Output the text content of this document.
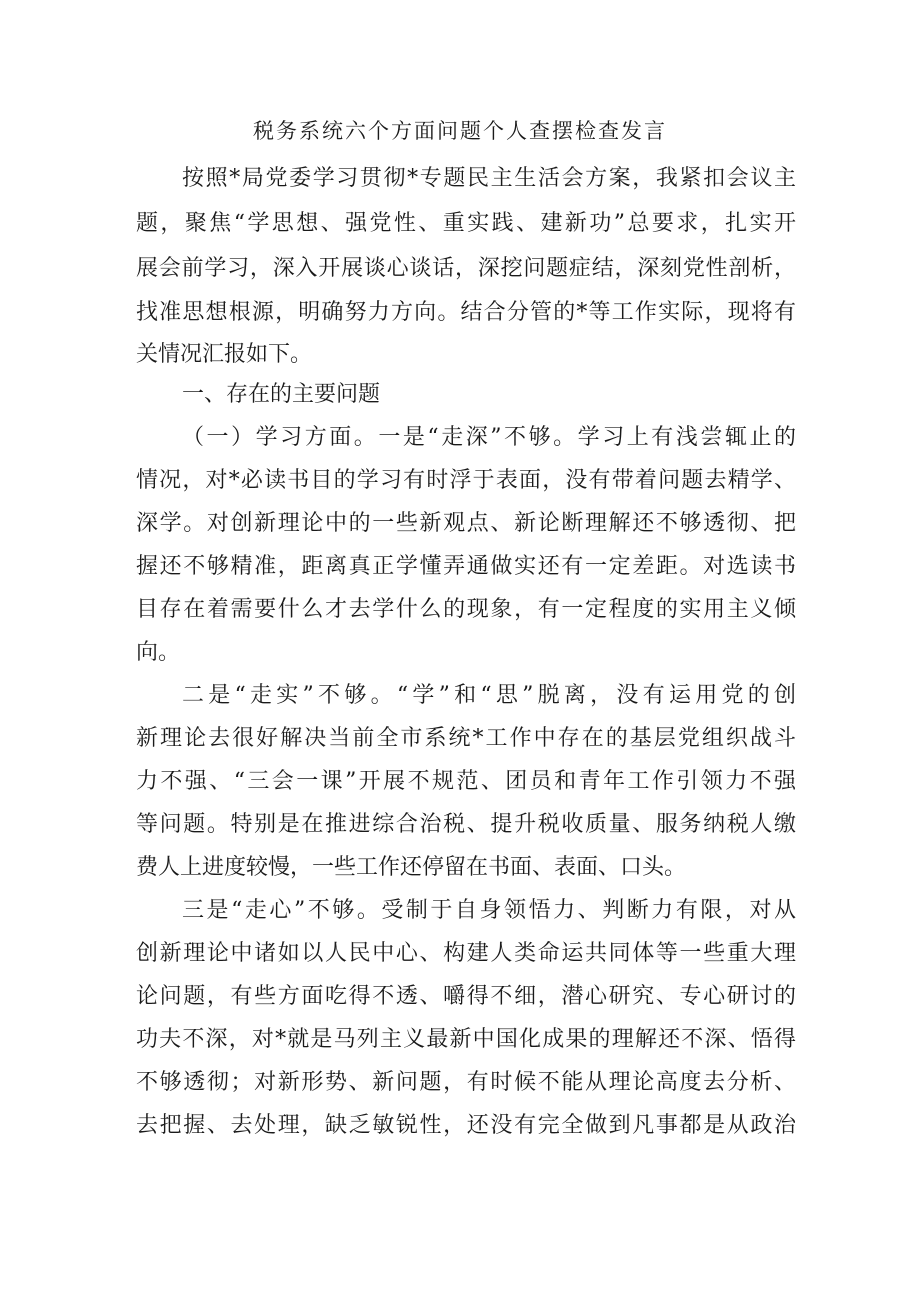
税务系统六个方面问题个人查摆检查发言
按照*局党委学习贯彻*专题民主生活会方案，我紧扣会议主
题，聚焦“学思想、强党性、重实践、建新功”总要求，扎实开
展会前学习，深入开展谈心谈话，深挖问题症结，深刻党性剖析，
找准思想根源，明确努力方向。结合分管的*等工作实际，现将有
关情况汇报如下。
一、存在的主要问题
（一）学习方面。一是“走深”不够。学习上有浅尝辄止的
情况，对*必读书目的学习有时浮于表面，没有带着问题去精学、
深学。对创新理论中的一些新观点、新论断理解还不够透彻、把
握还不够精准，距离真正学懂弄通做实还有一定差距。对选读书
目存在着需要什么才去学什么的现象，有一定程度的实用主义倾
向。
二是“走实”不够。“学”和“思”脱离，没有运用党的创
新理论去很好解决当前全市系统*工作中存在的基层党组织战斗
力不强、“三会一课”开展不规范、团员和青年工作引领力不强
等问题。特别是在推进综合治税、提升税收质量、服务纳税人缴
费人上进度较慢，一些工作还停留在书面、表面、口头。
三是“走心”不够。受制于自身领悟力、判断力有限，对从
创新理论中诸如以人民中心、构建人类命运共同体等一些重大理
论问题，有些方面吃得不透、嚼得不细，潜心研究、专心研讨的
功夫不深，对*就是马列主义最新中国化成果的理解还不深、悟得
不够透彻；对新形势、新问题，有时候不能从理论高度去分析、
去把握、去处理，缺乏敏锐性，还没有完全做到凡事都是从政治
